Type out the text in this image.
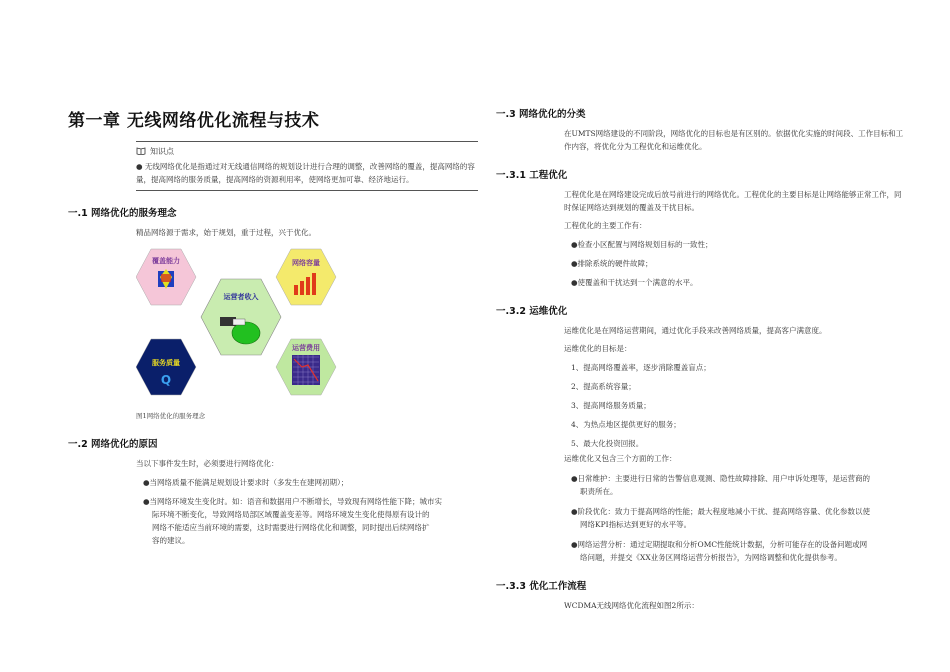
第一章 无线网络优化流程与技术
知识点
● 无线网络优化是指通过对无线通信网络的规划设计进行合理的调整，改善网络的覆盖，提高网络的容量，提高网络的服务质量，提高网络的资源利用率，使网络更加可靠、经济地运行。
一.1 网络优化的服务理念
精品网络源于需求，始于规划，重于过程，兴于优化。
覆盖能力	网络容量
运营者收入
服务质量
Q
运营费用
图1网络优化的服务理念
一.2 网络优化的原因
当以下事件发生时，必须要进行网络优化：
●当网络质量不能满足规划设计要求时（多发生在建网初期）；
●当网络环境发生变化时。如：语音和数据用户不断增长，导致现有网络性能下降；城市实
际环境不断变化，导致网络局部区域覆盖变差等。网络环境发生变化使得原有设计的
网络不能适应当前环境的需要，这时需要进行网络优化和调整，同时提出后续网络扩
容的建议。
一.3 网络优化的分类
在UMTS网络建设的不同阶段，网络优化的目标也是有区别的。依据优化实施的时间段、工作目标和工作内容，将优化分为工程优化和运维优化。
一.3.1 工程优化
工程优化是在网络建设完成后放号前进行的网络优化。工程优化的主要目标是让网络能够正常工作，同时保证网络达到规划的覆盖及干扰目标。
工程优化的主要工作有：
●检查小区配置与网络规划目标的一致性；
●排除系统的硬件故障；
●使覆盖和干扰达到一个满意的水平。
一.3.2 运维优化
运维优化是在网络运营期间，通过优化手段来改善网络质量，提高客户满意度。
运维优化的目标是：
1、提高网络覆盖率，逐步消除覆盖盲点；
2、提高系统容量；
3、提高网络服务质量；
4、为热点地区提供更好的服务；
5、最大化投资回报。
运维优化又包含三个方面的工作：
●日常维护：主要进行日常的告警信息观测、隐性故障排除、用户申诉处理等，是运营商的
职责所在。
●阶段优化：致力于提高网络的性能；最大程度地减小干扰、提高网络容量、优化参数以使
网络KPI指标达到更好的水平等。
●网络运营分析：通过定期提取和分析OMC性能统计数据，分析可能存在的设备问题或网
络问题，并提交《XX业务区网络运营分析报告》，为网络调整和优化提供参考。
一.3.3 优化工作流程
WCDMA无线网络优化流程如图2所示：
